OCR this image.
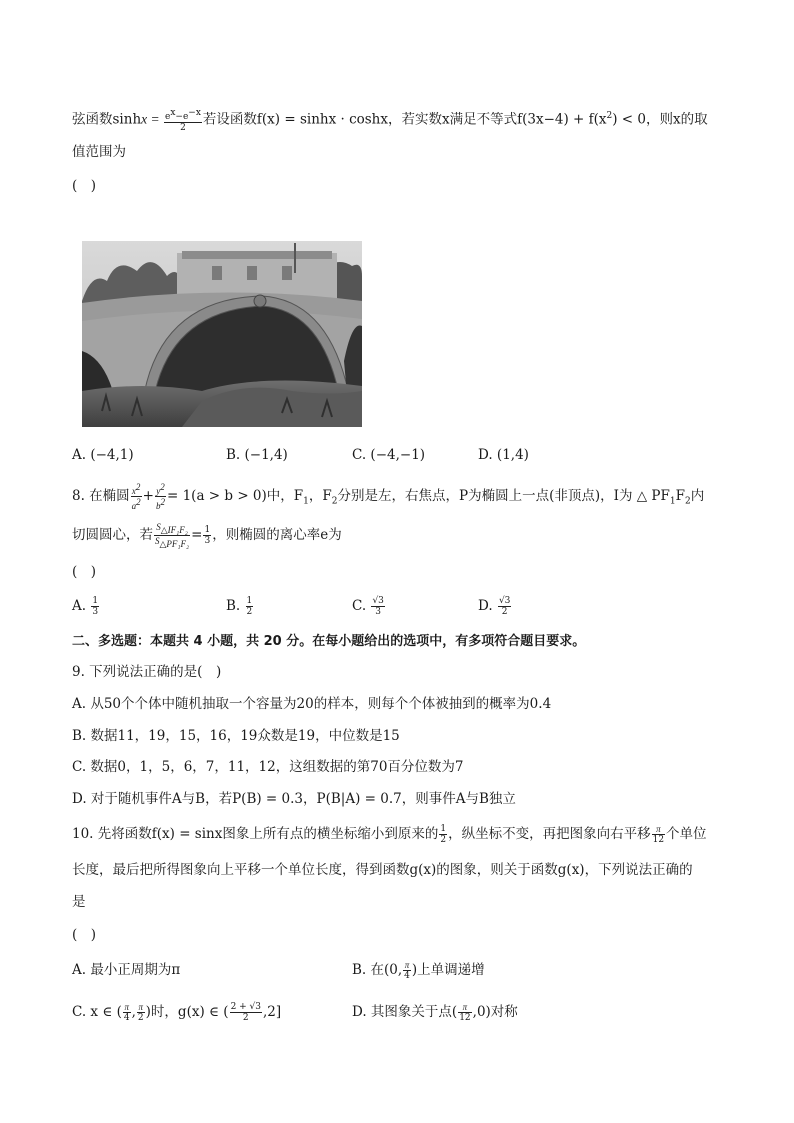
弦函数$\sinh x = \frac{e^x-e^{-x}}{2}$ 若设函数f(x) = sinhx · coshx，若实数x满足不等式$f(3x-4) + f(x^2) < 0$，则x的取
值范围为
(　)
A. (−4,1)	B. (−1,4)	C. (−4,−1)	D. (1,4)
8. 在椭圆 $\frac{x^2}{a^2} + \frac{y^2}{b^2} = 1(a > b > 0)$中，$F_1$，$F_2$分别是左，右焦点，P为椭圆上一点(非顶点)，I为 △ $PF_1F_2$内
切圆圆心，若 $\frac{S_{\triangle IF_1F_2}}{S_{\triangle PF_1F_2}} = \frac{1}{3}$ ，则椭圆的离心率e为
(　)
A. $\frac{1}{3}$	B. $\frac{1}{2}$	C. $\frac{√3}{3}$	D. $\frac{√3}{2}$
二、多选题：本题共 4 小题，共 20 分。在每小题给出的选项中，有多项符合题目要求。
9. 下列说法正确的是(　)
A. 从50个个体中随机抽取一个容量为20的样本，则每个个体被抽到的概率为0.4
B. 数据11，19，15，16，19众数是19，中位数是15
C. 数据0，1，5，6，7，11，12，这组数据的第70百分位数为7
D. 对于随机事件A与B，若P(B) = 0.3，P(B|A) = 0.7，则事件A与B独立
10. 先将函数f(x) = sinx图象上所有点的横坐标缩小到原来的 $\frac{1}{2}$ ，纵坐标不变，再把图象向右平移 $\frac{\pi}{12}$ 个单位
长度，最后把所得图象向上平移一个单位长度，得到函数g(x)的图象，则关于函数g(x)，下列说法正确的
是
(　)
A. 最小正周期为π	B. 在(0, $\frac{\pi}{4}$ )上单调递增
C. x ∈ ( $\frac{\pi}{4}$ , $\frac{\pi}{2}$ )时，g(x) ∈ ( $\frac{2 + √3}{2} ,2$]	D. 其图象关于点( $\frac{\pi}{12} ,0$)对称
